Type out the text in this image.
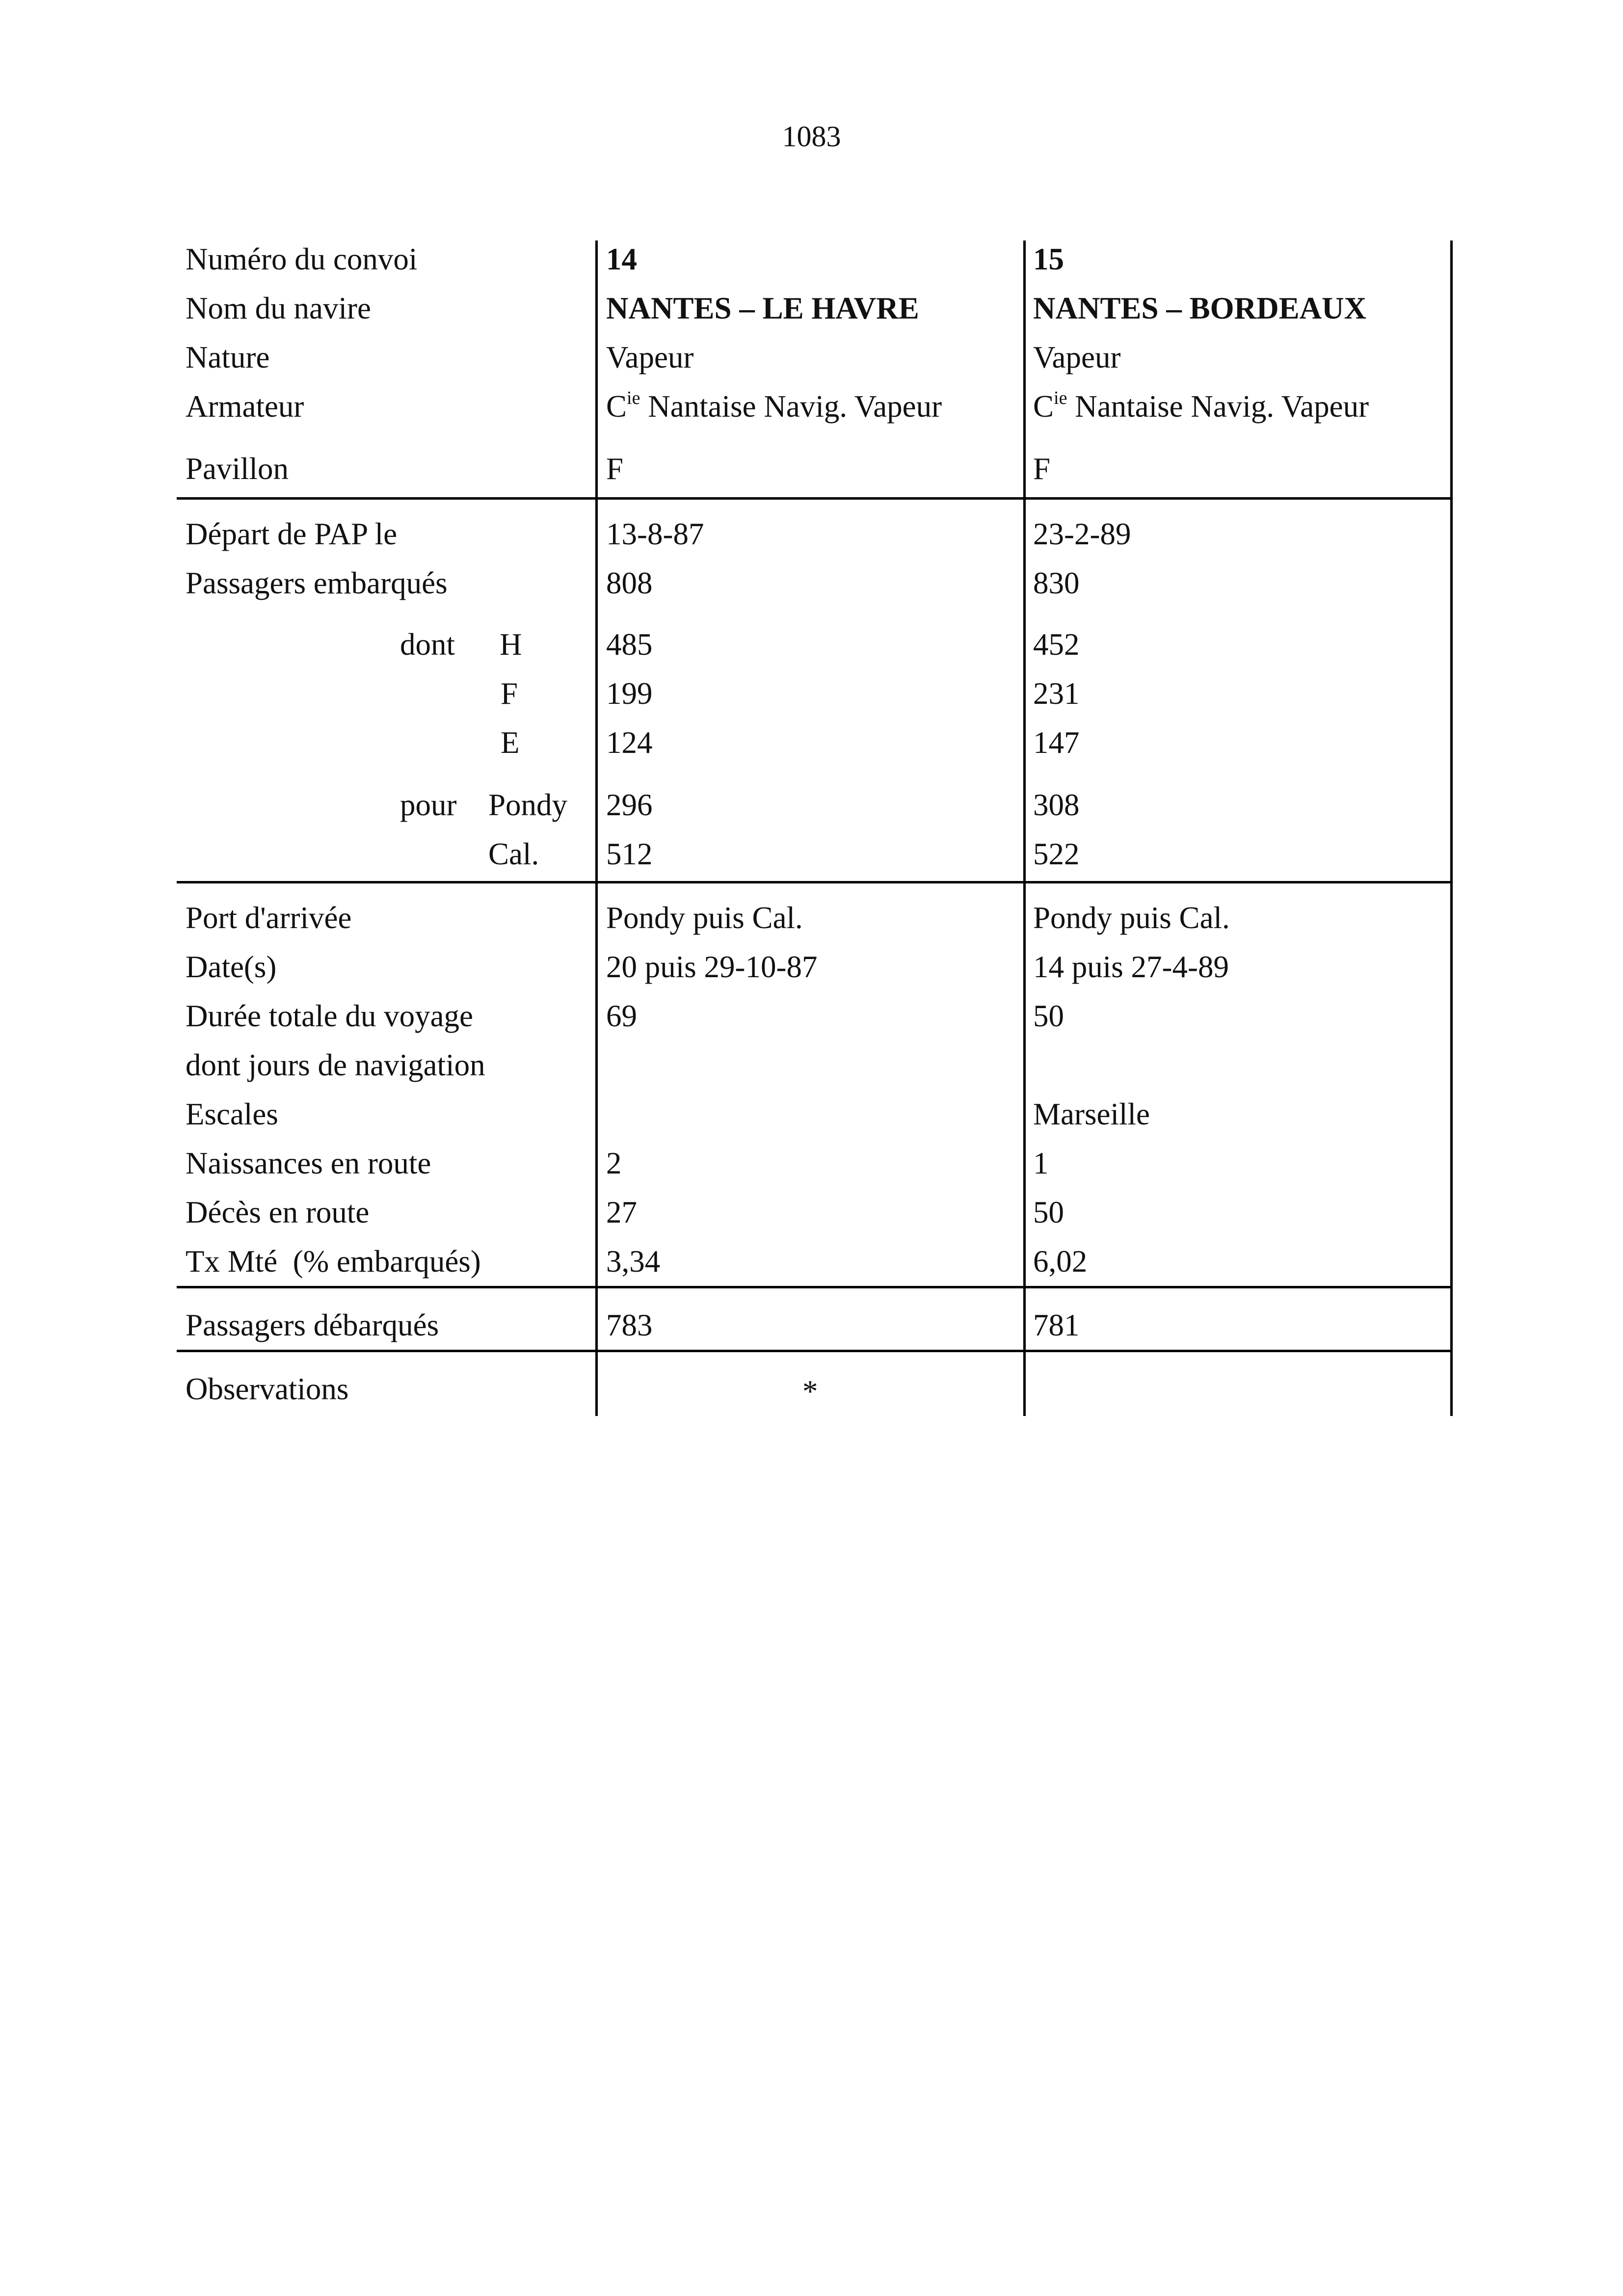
1083
Numéro du convoi
Nom du navire
Nature
Armateur
Pavillon
Départ de PAP le
Passagers embarqués
dont H
F
E
pour Pondy
Cal.
Port d'arrivée
Date(s)
Durée totale du voyage
dont jours de navigation
Escales
Naissances en route
Décès en route
Tx Mté  (% embarqués)
Passagers débarqués
Observations
14
NANTES – LE HAVRE
Vapeur
$C^{ie}$ Nantaise Navig. Vapeur
F
13-8-87
808
485
199
124
296
512
Pondy puis Cal.
20 puis 29-10-87
69
2
27
3,34
783
*
15
NANTES – BORDEAUX
Vapeur
$C^{ie}$ Nantaise Navig. Vapeur
F
23-2-89
830
452
231
147
308
522
Pondy puis Cal.
14 puis 27-4-89
50
Marseille
1
50
6,02
781
